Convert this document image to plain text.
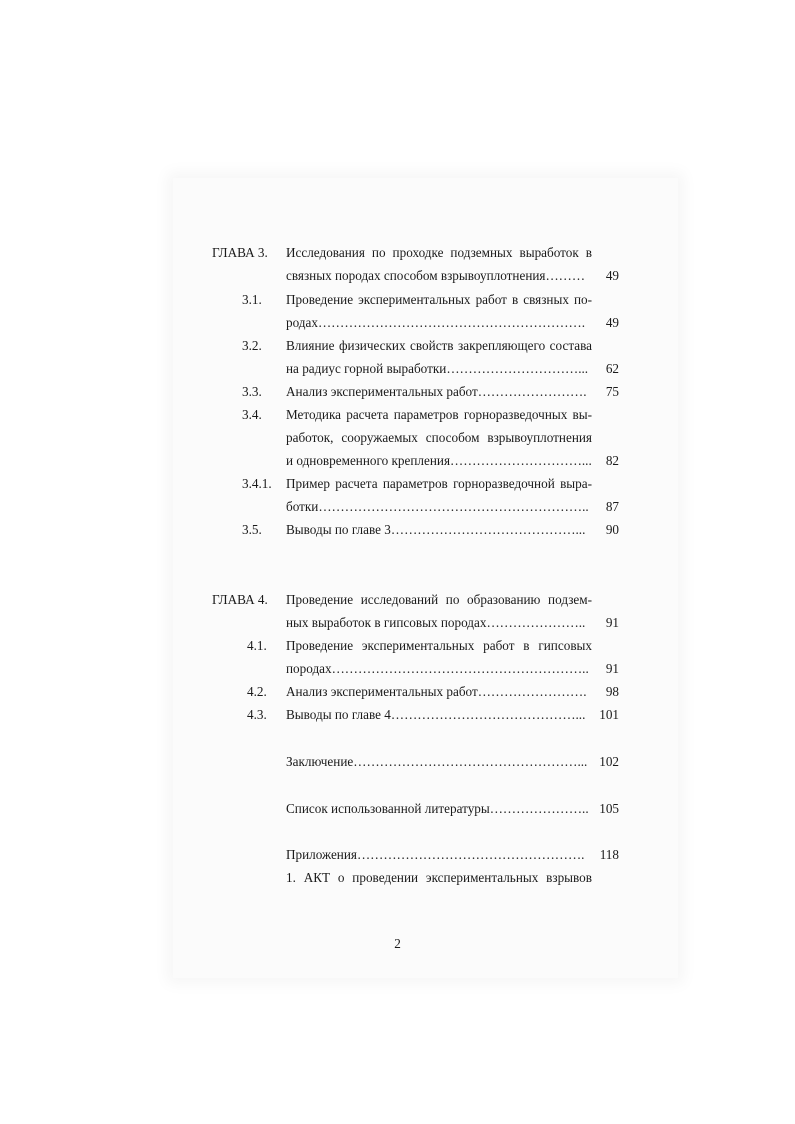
ГЛАВА 3. Исследования по проходке подземных выработок в
связных породах способом взрывоуплотнения………	49
3.1. Проведение экспериментальных работ в связных по-
родах…………………………………………………….	49
3.2. Влияние физических свойств закрепляющего состава
на радиус горной выработки…………………………... 62
3.3. Анализ экспериментальных работ…………………….	75
3.4. Методика расчета параметров горноразведочных вы-
работок, сооружаемых способом взрывоуплотнения
и одновременного крепления…………………………... 82
3.4.1. Пример расчета параметров горноразведочной выра-
ботки…………………………………………………….. 87
3.5. Выводы по главе 3……………………………………...	90
ГЛАВА 4. Проведение исследований по образованию подзем-
ных выработок в гипсовых породах…………………..	91
4.1. Проведение экспериментальных работ в гипсовых
породах………………………………………………….. 91
4.2. Анализ экспериментальных работ…………………….	98
4.3. Выводы по главе 4……………………………………...	101
Заключение……………………………………………... 102
Список использованной литературы………………….. 105
Приложения…………………………………………….	118
1. АКТ о проведении экспериментальных взрывов
2
